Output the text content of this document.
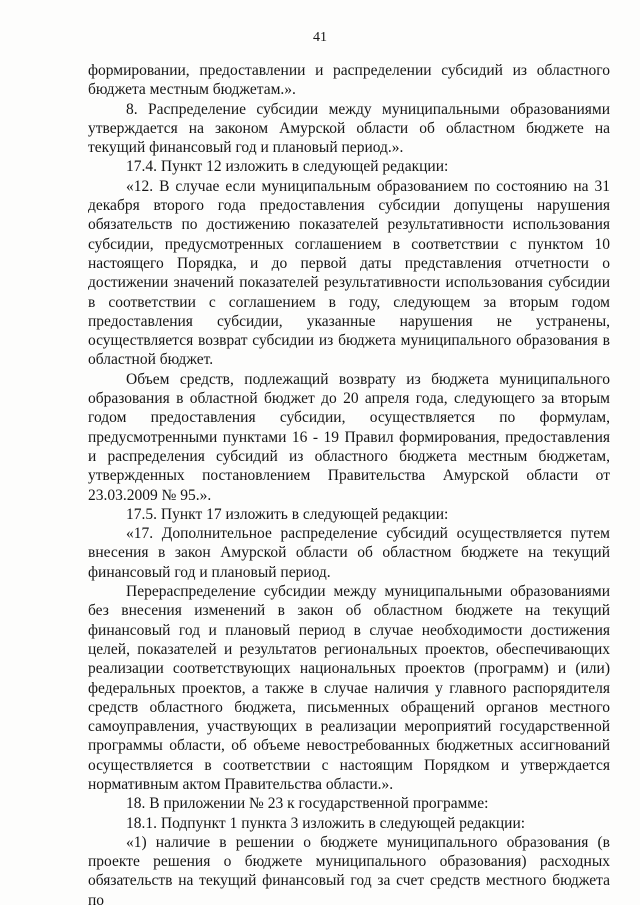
41

формировании, предоставлении и распределении субсидий из областного бюджета местным бюджетам.».

8. Распределение субсидии между муниципальными образованиями утверждается на законом Амурской области об областном бюджете на текущий финансовый год и плановый период.».

17.4. Пункт 12 изложить в следующей редакции:

«12. В случае если муниципальным образованием по состоянию на 31 декабря второго года предоставления субсидии допущены нарушения обязательств по достижению показателей результативности использования субсидии, предусмотренных соглашением в соответствии с пунктом 10 настоящего Порядка, и до первой даты представления отчетности о достижении значений показателей результативности использования субсидии в соответствии с соглашением в году, следующем за вторым годом предоставления субсидии, указанные нарушения не устранены, осуществляется возврат субсидии из бюджета муниципального образования в областной бюджет.

Объем средств, подлежащий возврату из бюджета муниципального образования в областной бюджет до 20 апреля года, следующего за вторым годом предоставления субсидии, осуществляется по формулам, предусмотренными пунктами 16 - 19 Правил формирования, предоставления и распределения субсидий из областного бюджета местным бюджетам, утвержденных постановлением Правительства Амурской области от 23.03.2009 № 95.».

17.5. Пункт 17 изложить в следующей редакции:

«17. Дополнительное распределение субсидий осуществляется путем внесения в закон Амурской области об областном бюджете на текущий финансовый год и плановый период.

Перераспределение субсидии между муниципальными образованиями без внесения изменений в закон об областном бюджете на текущий финансовый год и плановый период в случае необходимости достижения целей, показателей и результатов региональных проектов, обеспечивающих реализации соответствующих национальных проектов (программ) и (или) федеральных проектов, а также в случае наличия у главного распорядителя средств областного бюджета, письменных обращений органов местного самоуправления, участвующих в реализации мероприятий государственной программы области, об объеме невостребованных бюджетных ассигнований осуществляется в соответствии с настоящим Порядком и утверждается нормативным актом Правительства области.».

18. В приложении № 23 к государственной программе:

18.1. Подпункт 1 пункта 3 изложить в следующей редакции:

«1) наличие в решении о бюджете муниципального образования (в проекте решения о бюджете муниципального образования) расходных обязательств на текущий финансовый год за счет средств местного бюджета по
